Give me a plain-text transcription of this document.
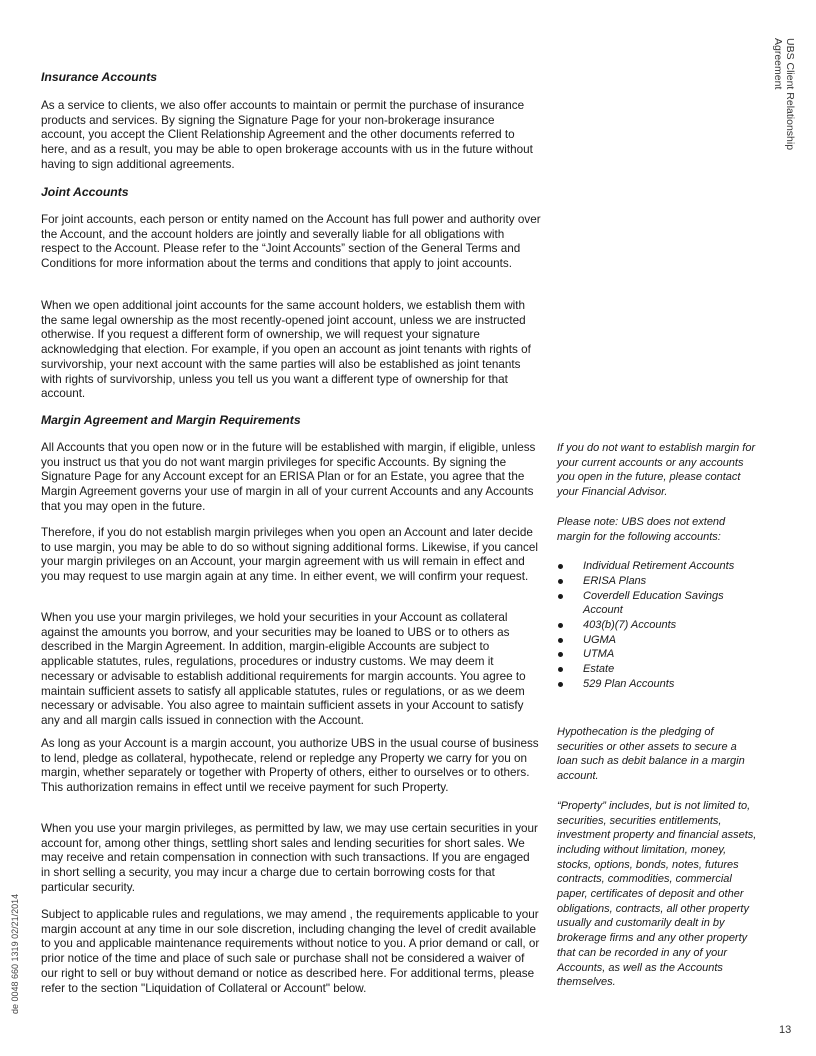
UBS Client Relationship Agreement
Insurance Accounts

As a service to clients, we also offer accounts to maintain or permit the purchase of insurance products and services. By signing the Signature Page for your non-brokerage insurance account, you accept the Client Relationship Agreement and the other documents referred to here, and as a result, you may be able to open brokerage accounts with us in the future without having to sign additional agreements.

Joint Accounts

For joint accounts, each person or entity named on the Account has full power and authority over the Account, and the account holders are jointly and severally liable for all obligations with respect to the Account. Please refer to the “Joint Accounts” section of the General Terms and Conditions for more information about the terms and conditions that apply to joint accounts.

When we open additional joint accounts for the same account holders, we establish them with the same legal ownership as the most recently-opened joint account, unless we are instructed otherwise. If you request a different form of ownership, we will request your signature acknowledging that election. For example, if you open an account as joint tenants with rights of survivorship, your next account with the same parties will also be established as joint tenants with rights of survivorship, unless you tell us you want a different type of ownership for that account.

Margin Agreement and Margin Requirements

All Accounts that you open now or in the future will be established with margin, if eligible, unless you instruct us that you do not want margin privileges for specific Accounts. By signing the Signature Page for any Account except for an ERISA Plan or for an Estate, you agree that the Margin Agreement governs your use of margin in all of your current Accounts and any Accounts that you may open in the future.

Therefore, if you do not establish margin privileges when you open an Account and later decide to use margin, you may be able to do so without signing additional forms. Likewise, if you cancel your margin privileges on an Account, your margin agreement with us will remain in effect and you may request to use margin again at any time. In either event, we will confirm your request.

When you use your margin privileges, we hold your securities in your Account as collateral against the amounts you borrow, and your securities may be loaned to UBS or to others as described in the Margin Agreement. In addition, margin-eligible Accounts are subject to applicable statutes, rules, regulations, procedures or industry customs. We may deem it necessary or advisable to establish additional requirements for margin accounts. You agree to maintain sufficient assets to satisfy all applicable statutes, rules or regulations, or as we deem necessary or advisable. You also agree to maintain sufficient assets in your Account to satisfy any and all margin calls issued in connection with the Account.

As long as your Account is a margin account, you authorize UBS in the usual course of business to lend, pledge as collateral, hypothecate, relend or repledge any Property we carry for you on margin, whether separately or together with Property of others, either to ourselves or to others. This authorization remains in effect until we receive payment for such Property.

When you use your margin privileges, as permitted by law, we may use certain securities in your account for, among other things, settling short sales and lending securities for short sales. We may receive and retain compensation in connection with such transactions. If you are engaged in short selling a security, you may incur a charge due to certain borrowing costs for that particular security.

Subject to applicable rules and regulations, we may amend , the requirements applicable to your margin account at any time in our sole discretion, including changing the level of credit available to you and applicable maintenance requirements without notice to you. A prior demand or call, or prior notice of the time and place of such sale or purchase shall not be considered a waiver of our right to sell or buy without demand or notice as described here. For additional terms, please refer to the section "Liquidation of Collateral or Account" below.

If you do not want to establish margin for your current accounts or any accounts you open in the future, please contact your Financial Advisor.

Please note: UBS does not extend margin for the following accounts:

Individual Retirement Accounts
ERISA Plans
Coverdell Education Savings Account
403(b)(7) Accounts
UGMA
UTMA
Estate
529 Plan Accounts

Hypothecation is the pledging of securities or other assets to secure a loan such as debit balance in a margin account.

“Property” includes, but is not limited to, securities, securities entitlements, investment property and financial assets, including without limitation, money, stocks, options, bonds, notes, futures contracts, commodities, commercial paper, certificates of deposit and other obligations, contracts, all other property usually and customarily dealt in by brokerage firms and any other property that can be recorded in any of your Accounts, as well as the Accounts themselves.

de 0048 660 1319 02/21/2014
13
